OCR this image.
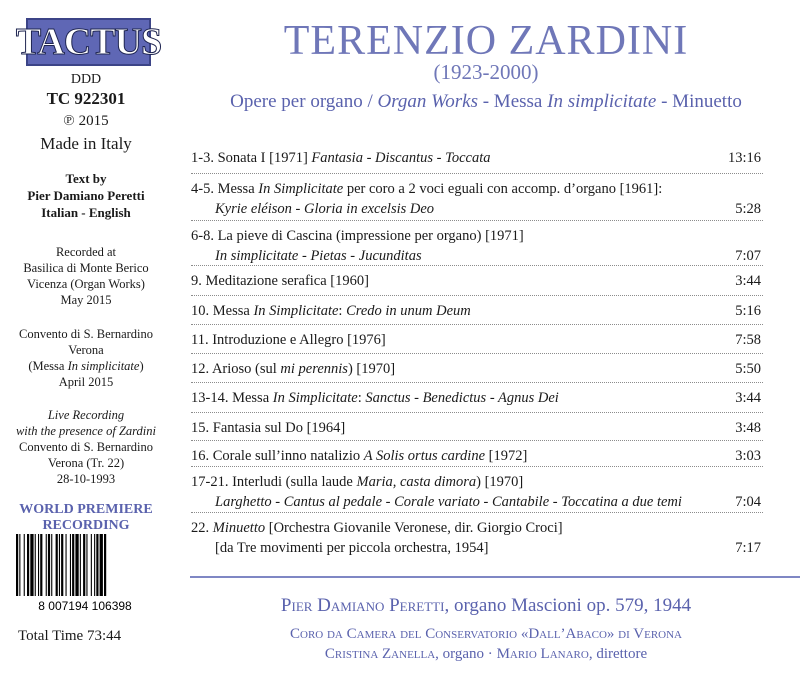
TACTUS
DDD
TC 922301
℗ 2015
Made in Italy
Text by
Pier Damiano Peretti
Italian - English
Recorded at
Basilica di Monte Berico
Vicenza (Organ Works)
May 2015
Convento di S. Bernardino
Verona
(Messa In simplicitate)
April 2015
Live Recording
with the presence of Zardini
Convento di S. Bernardino
Verona (Tr. 22)
28-10-1993
WORLD PREMIERE
RECORDING
8 007194 106398
Total Time 73:44
TERENZIO ZARDINI
(1923-2000)
Opere per organo / Organ Works - Messa In simplicitate - Minuetto
1-3. Sonata I [1971] Fantasia - Discantus - Toccata	13:16
4-5. Messa In Simplicitate per coro a 2 voci eguali con accomp. d’organo [1961]:
Kyrie eléison - Gloria in excelsis Deo	5:28
6-8. La pieve di Cascina (impressione per organo) [1971]
In simplicitate - Pietas - Jucunditas	7:07
9. Meditazione serafica [1960]	3:44
10. Messa In Simplicitate: Credo in unum Deum	5:16
11. Introduzione e Allegro [1976]	7:58
12. Arioso (sul mi perennis) [1970]	5:50
13-14. Messa In Simplicitate: Sanctus - Benedictus - Agnus Dei	3:44
15. Fantasia sul Do [1964]	3:48
16. Corale sull’inno natalizio A Solis ortus cardine [1972]	3:03
17-21. Interludi (sulla laude Maria, casta dimora) [1970]
Larghetto - Cantus al pedale - Corale variato - Cantabile - Toccatina a due temi	7:04
22. Minuetto [Orchestra Giovanile Veronese, dir. Giorgio Croci]
[da Tre movimenti per piccola orchestra, 1954]	7:17
Pier Damiano Peretti, organo Mascioni op. 579, 1944
Coro da Camera del Conservatorio «Dall’Abaco» di Verona
Cristina Zanella, organo · Mario Lanaro, direttore
